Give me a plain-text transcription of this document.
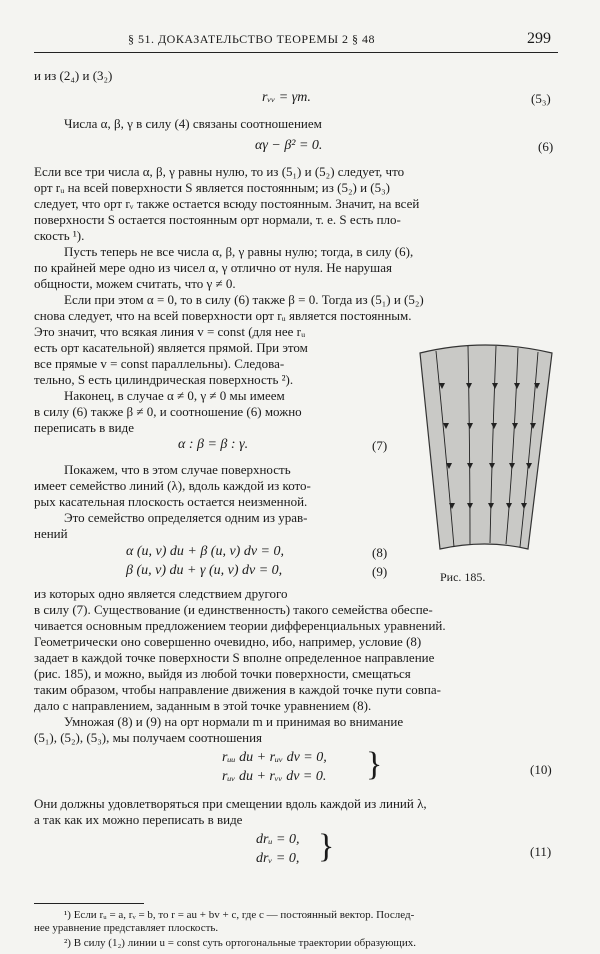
§ 51. ДОКАЗАТЕЛЬСТВО ТЕОРЕМЫ 2 § 48	299
и из (2₄) и (3₂)
rᵥᵥ = γm.	(5₃)
Числа α, β, γ в силу (4) связаны соотношением
αγ − β² = 0.	(6)
Если все три числа α, β, γ равны нулю, то из (5₁) и (5₂) следует, что
орт rᵤ на всей поверхности S является постоянным; из (5₂) и (5₃)
следует, что орт rᵥ также остается всюду постоянным. Значит, на всей
поверхности S остается постоянным орт нормали, т. е. S есть пло-
скость ¹).
Пусть теперь не все числа α, β, γ равны нулю; тогда, в силу (6),
по крайней мере одно из чисел α, γ отлично от нуля. Не нарушая
общности, можем считать, что γ ≠ 0.
Если при этом α = 0, то в силу (6) также β = 0. Тогда из (5₁) и (5₂)
снова следует, что на всей поверхности орт rᵤ является постоянным.
Это значит, что всякая линия v = const (для нее rᵤ
есть орт касательной) является прямой. При этом
все прямые v = const параллельны). Следова-
тельно, S есть цилиндрическая поверхность ²).
Наконец, в случае α ≠ 0, γ ≠ 0 мы имеем
в силу (6) также β ≠ 0, и соотношение (6) можно
переписать в виде
α : β = β : γ.	(7)
Покажем, что в этом случае поверхность
имеет семейство линий (λ), вдоль каждой из кото-
рых касательная плоскость остается неизменной.
Это семейство определяется одним из урав-
нений
α (u, v) du + β (u, v) dv = 0,	(8)
β (u, v) du + γ (u, v) dv = 0,	(9)
из которых одно является следствием другого
в силу (7). Существование (и единственность) такого семейства обеспе-
чивается основным предложением теории дифференциальных уравнений.
Геометрически оно совершенно очевидно, ибо, например, условие (8)
задает в каждой точке поверхности S вполне определенное направление
(рис. 185), и можно, выйдя из любой точки поверхности, смещаться
таким образом, чтобы направление движения в каждой точке пути совпа-
дало с направлением, заданным в этой точке уравнением (8).
Умножая (8) и (9) на орт нормали m и принимая во внимание
(5₁), (5₂), (5₃), мы получаем соотношения
rᵤᵤ du + rᵤᵥ dv = 0,
rᵤᵥ du + rᵥᵥ dv = 0. }	(10)
Они должны удовлетворяться при смещении вдоль каждой из линий λ,
а так как их можно переписать в виде
drᵤ = 0,
drᵥ = 0, }	(11)
¹) Если rᵤ = a, rᵥ = b, то r = au + bv + c, где c — постоянный вектор. Послед-
нее уравнение представляет плоскость.
²) В силу (1₂) линии u = const суть ортогональные траектории образующих.
Рис. 185.
